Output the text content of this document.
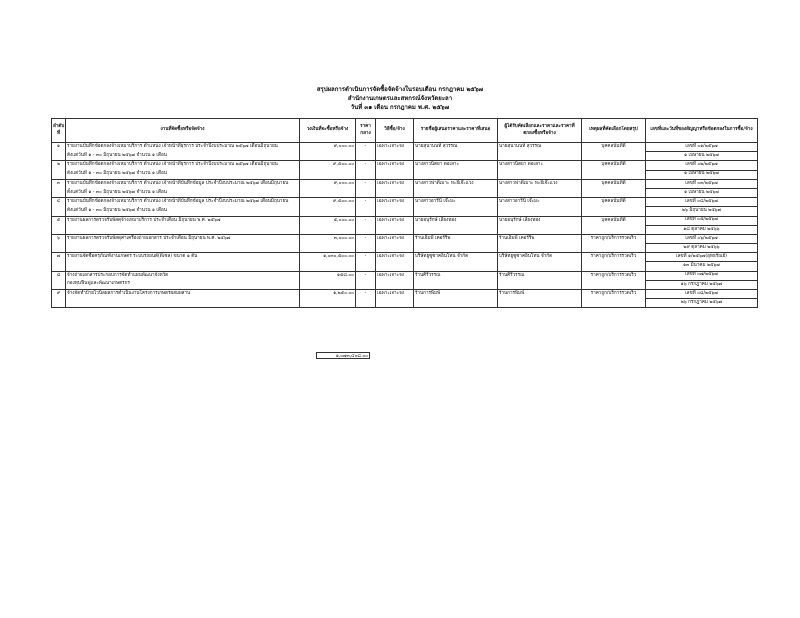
สรุปผลการดำเนินการจัดซื้อจัดจ้างในรอบเดือน กรกฎาคม ๒๕๖๗
สำนักงานเกษตรและสหกรณ์จังหวัดยะลา
วันที่ ๓๑ เดือน กรกฎาคม พ.ศ. ๒๕๖๗
ลำดับที่	งานที่จัดซื้อหรือจัดจ้าง	วงเงินที่จะซื้อหรือจ้าง	ราคากลาง	วิธีซื้อ/จ้าง	รายชื่อผู้เสนอราคาและราคาที่เสนอ	ผู้ได้รับคัดเลือกและราคาและราคาที่ตกลงซื้อหรือจ้าง	เหตุผลที่คัดเลือกโดยสรุป	เลขที่และวันที่ของสัญญาหรือข้อตกลงในการซื้อ/จ้าง
๑	รายงานบันทึกข้อตกลงจ้างเหมาบริการ ตำแหน่ง เจ้าหน้าที่ธุรการ ประจำปีงบประมาณ ๒๕๖๗ เดือนมิถุนายน	๙,๐๐๐.๐๐	-	เฉพาะเจาะจง	นายสุนานนท์ สุวรรณ	นายสุนานนท์ สุวรรณ	บุคคลนั้นที่ดี	เลขที่ ๐๑/๒๕๖๗
	ตั้งแต่วันที่ ๑ - ๓๐ มิถุนายน ๒๕๖๗ จำนวน ๑ เดือน							๑ เมษายน ๒๕๖๗
๒	รายงานบันทึกข้อตกลงจ้างเหมาบริการ ตำแหน่ง เจ้าหน้าที่ธุรการ ประจำปีงบประมาณ ๒๕๖๗ เดือนมิถุนายน	๙,๕๐๐.๐๐	-	เฉพาะเจาะจง	นางสาวนิตยา ดอเลาะ	นางสาวนิตยา ดอเลาะ	บุคคลนั้นที่ดี	เลขที่ ๐๒/๒๕๖๗
	ตั้งแต่วันที่ ๑ - ๓๐ มิถุนายน ๒๕๖๗ จำนวน ๑ เดือน							๑ เมษายน ๒๕๖๗
๓	รายงานบันทึกข้อตกลงจ้างเหมาบริการ ตำแหน่ง เจ้าหน้าที่บันทึกข้อมูล ประจำปีงบประมาณ ๒๕๖๗ เดือนมิถุนายน	๙,๐๐๐.๐๐	-	เฉพาะเจาะจง	นางสาวฟาตีเมาะ หะยีเจ๊ะแวง	นางสาวฟาตีเมาะ หะยีเจ๊ะแวง	บุคคลนั้นที่ดี	เลขที่ ๐๓/๒๕๖๗
	ตั้งแต่วันที่ ๑ - ๓๐ มิถุนายน ๒๕๖๗ จำนวน ๑ เดือน							๑ เมษายน ๒๕๖๗
๔	รายงานบันทึกข้อตกลงจ้างเหมาบริการ ตำแหน่ง เจ้าหน้าที่บันทึกข้อมูล ประจำปีงบประมาณ ๒๕๖๗ เดือนมิถุนายน	๙,๕๐๐.๐๐	-	เฉพาะเจาะจง	นางสาวอารีนี เจ๊ะมะ	นางสาวอารีนี เจ๊ะมะ	บุคคลนั้นที่ดี	เลขที่ ๐๔/๒๕๖๗
	ตั้งแต่วันที่ ๑ - ๓๐ มิถุนายน ๒๕๖๗ จำนวน ๑ เดือน							๒๖ มิถุนายน ๒๕๖๗
๕	รายงานผลการตรวจรับพัสดุจ้างเหมาบริการ ประจำเดือน มิถุนายน พ.ศ. ๒๕๖๗	๕,๐๐๐.๐๐	-	เฉพาะเจาะจง	นายอนุรักษ์ เลี้ยงทอง	นายอนุรักษ์ เลี้ยงทอง	บุคคลนั้นที่ดี	เลขที่ ๐๕/๒๕๖๗
								๑๘ ตุลาคม ๒๕๖๖
๖	รายงานผลการตรวจรับพัสดุค่าเครื่องถ่ายเอกสาร ประจำเดือน มิถุนายน พ.ศ. ๒๕๖๗	๓,๐๐๐.๐๐	-	เฉพาะเจาะจง	ร้านเอ็มพี เคอร์ริพ	ร้านเอ็มพี เคอร์ริพ	ราคาถูก/บริการรวดเร็ว	เลขที่ ๐๖/๒๕๖๗
								๒๙ ตุลาคม ๒๕๖๖
๗	รายงานจัดซื้อครุภัณฑ์งานเกษตร ระบบรถยนต์(ดีเซล) ขนาด ๑ ตัน	๑,๐๓๐,๕๐๐.๐๐	-	เฉพาะเจาะจง	บริษัทยูซูซาคอิ่นโทน จำกัด	บริษัทยูซูซาคอิ่นโทน จำกัด	ราคาถูก/บริการรวดเร็ว	เลขที่ ๑/๒๕๖๗(อุทธรัณย์)
								๑๓ มีนาคม ๒๕๖๗
๘	จ้างถ่ายเอกสารประกอบการจัดทำแผนพัฒนาจังหวัด	๑๕๘.๐๐	-	เฉพาะเจาะจง	ร้านศิรีวรรณ	ร้านศิรีวรรณ	ราคาถูก/บริการรวดเร็ว	เลขที่ ๐๗/๒๕๖๗
	กองทุนฟื้นฟูและพัฒนาเกษตรกร							๑๖ กรกฎาคม ๒๕๖๗
๙	จ้างจัดทำป้ายไวนิลผลการดำเนินงานโครงการเกษตรผสมผสาน	๑,๒๕๐.๐๐	-	เฉพาะเจาะจง	ร้านการพิมพ์	ร้านการพิมพ์	ราคาถูก/บริการรวดเร็ว	เลขที่ ๐๘/๒๕๖๗
								๒๖ กรกฎาคม ๒๕๖๗
๑,๐๗๓,๔๐๘.๐๐
